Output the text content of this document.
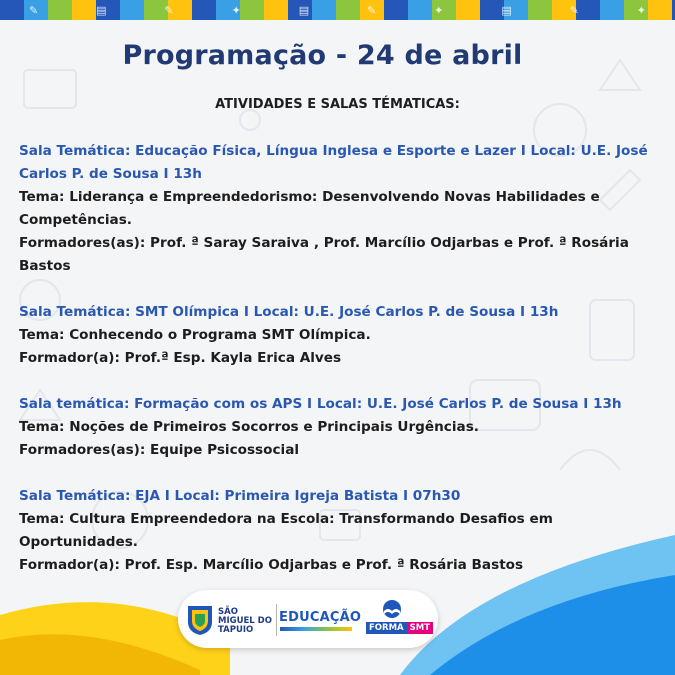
✎	▤	✎	✦	▤	✎	✦	▤	✎	✦
Programação - 24 de abril
ATIVIDADES E SALAS TÉMATICAS:
Sala Temática: Educação Física, Língua Inglesa e Esporte e Lazer I Local: U.E. José Carlos P. de Sousa I 13h
Tema: Liderança e Empreendedorismo: Desenvolvendo Novas Habilidades e Competências.
Formadores(as): Prof. ª Saray Saraiva , Prof. Marcílio Odjarbas e Prof. ª Rosária Bastos
Sala Temática: SMT Olímpica I Local: U.E. José Carlos P. de Sousa I 13h
Tema: Conhecendo o Programa SMT Olímpica.
Formador(a): Prof.ª Esp. Kayla Erica Alves
Sala temática: Formação com os APS I Local: U.E. José Carlos P. de Sousa I 13h
Tema: Noções de Primeiros Socorros e Principais Urgências.
Formadores(as): Equipe Psicossocial
Sala Temática: EJA I Local: Primeira Igreja Batista I 07h30
Tema: Cultura Empreendedora na Escola: Transformando Desafios em Oportunidades.
Formador(a): Prof. Esp. Marcílio Odjarbas e Prof. ª Rosária Bastos
SÃO MIGUEL DO TAPUIO
EDUCAÇÃO
FORMA SMT
